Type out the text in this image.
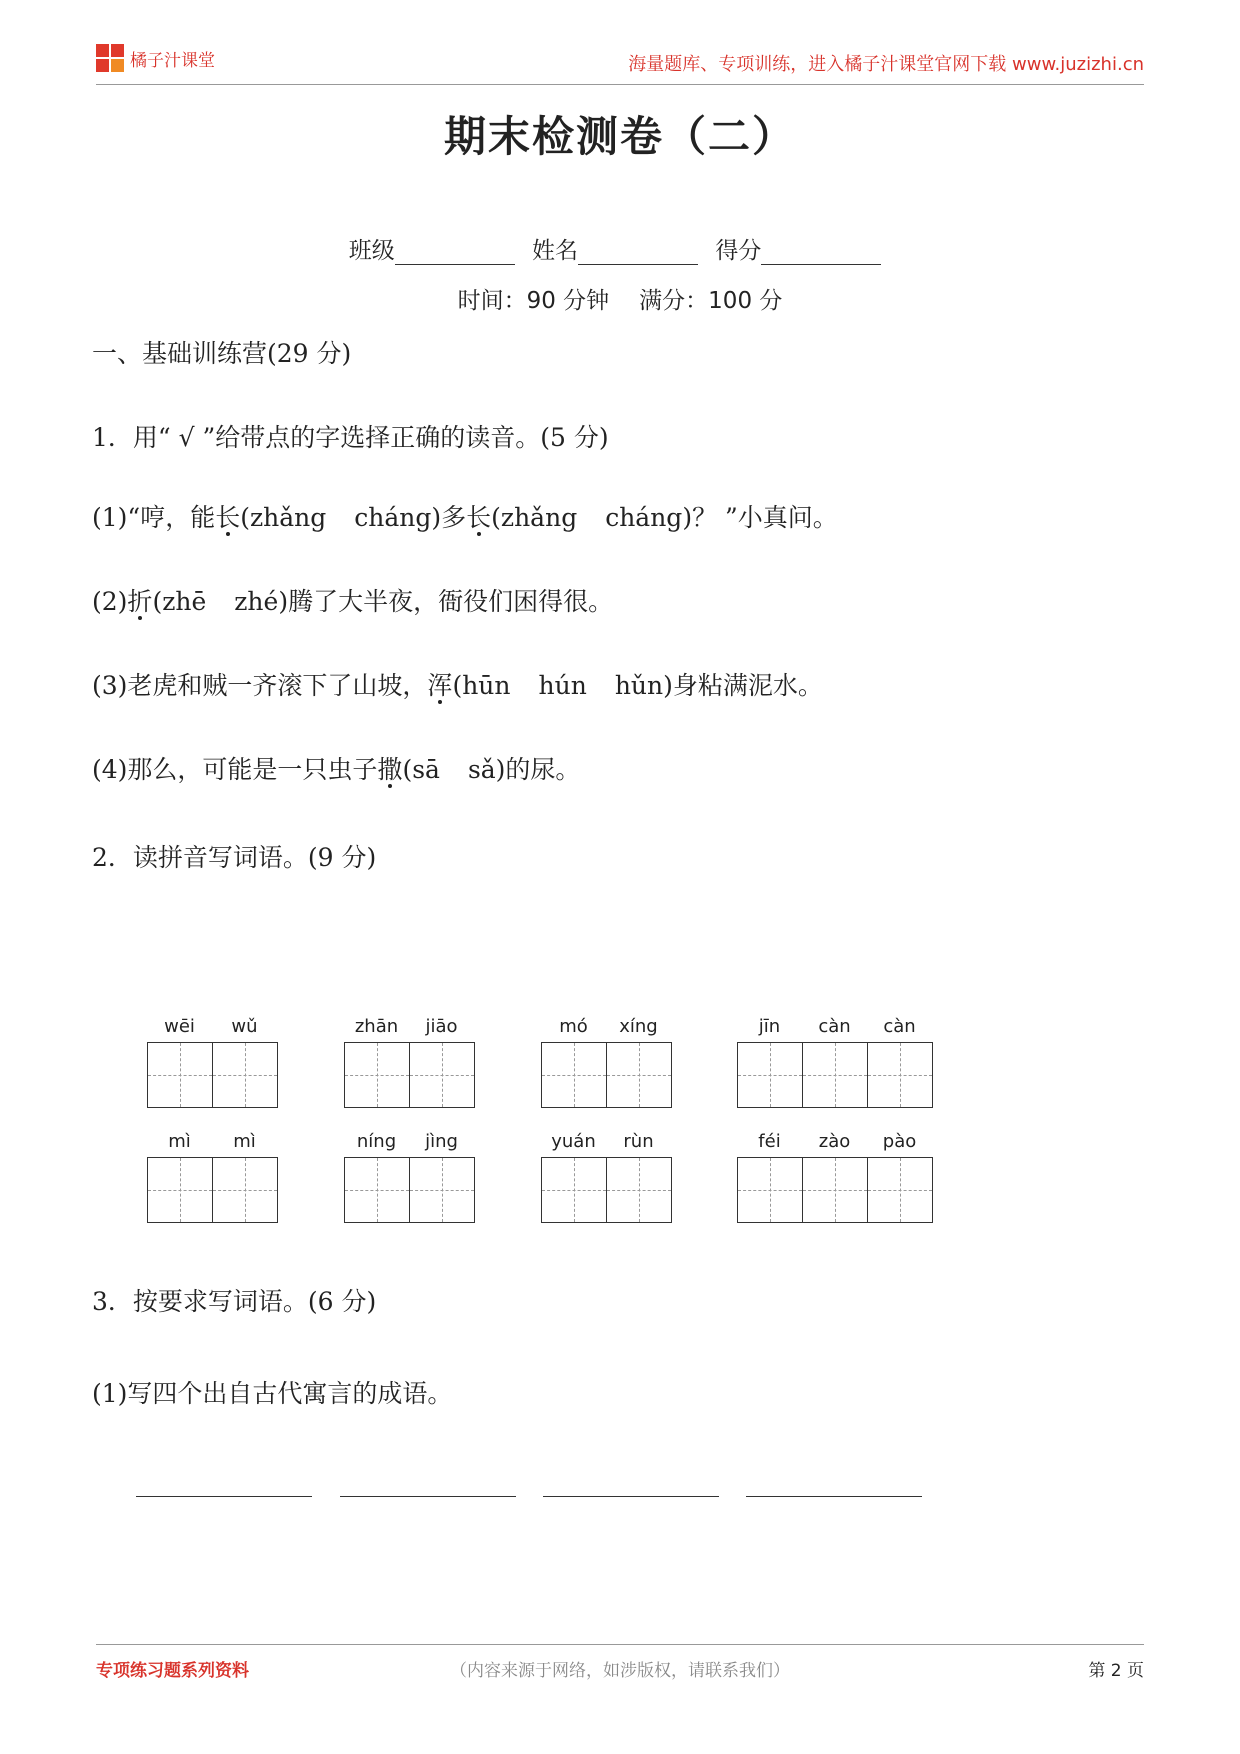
橘子汁课堂	海量题库、专项训练，进入橘子汁课堂官网下载 www.juzizhi.cn
期末检测卷（二）
班级	姓名	得分
时间：90 分钟 满分：100 分
一、基础训练营(29 分)
1．用“ √ ”给带点的字选择正确的读音。(5 分)
(1)“哼，能长(zhǎng cháng)多长(zhǎng cháng)？ ”小真问。
(2)折(zhē zhé)腾了大半夜，衙役们困得很。
(3)老虎和贼一齐滚下了山坡，浑(hūn hún hǔn)身粘满泥水。
(4)那么，可能是一只虫子撒(sā sǎ)的尿。
2．读拼音写词语。(9 分)
wēi	wǔ	zhān	jiāo	mó	xíng	jīn	càn	càn
mì	mì	níng	jìng	yuán	rùn	féi	zào	pào
3．按要求写词语。(6 分)
(1)写四个出自古代寓言的成语。
专项练习题系列资料	（内容来源于网络，如涉版权，请联系我们）	第 2 页
